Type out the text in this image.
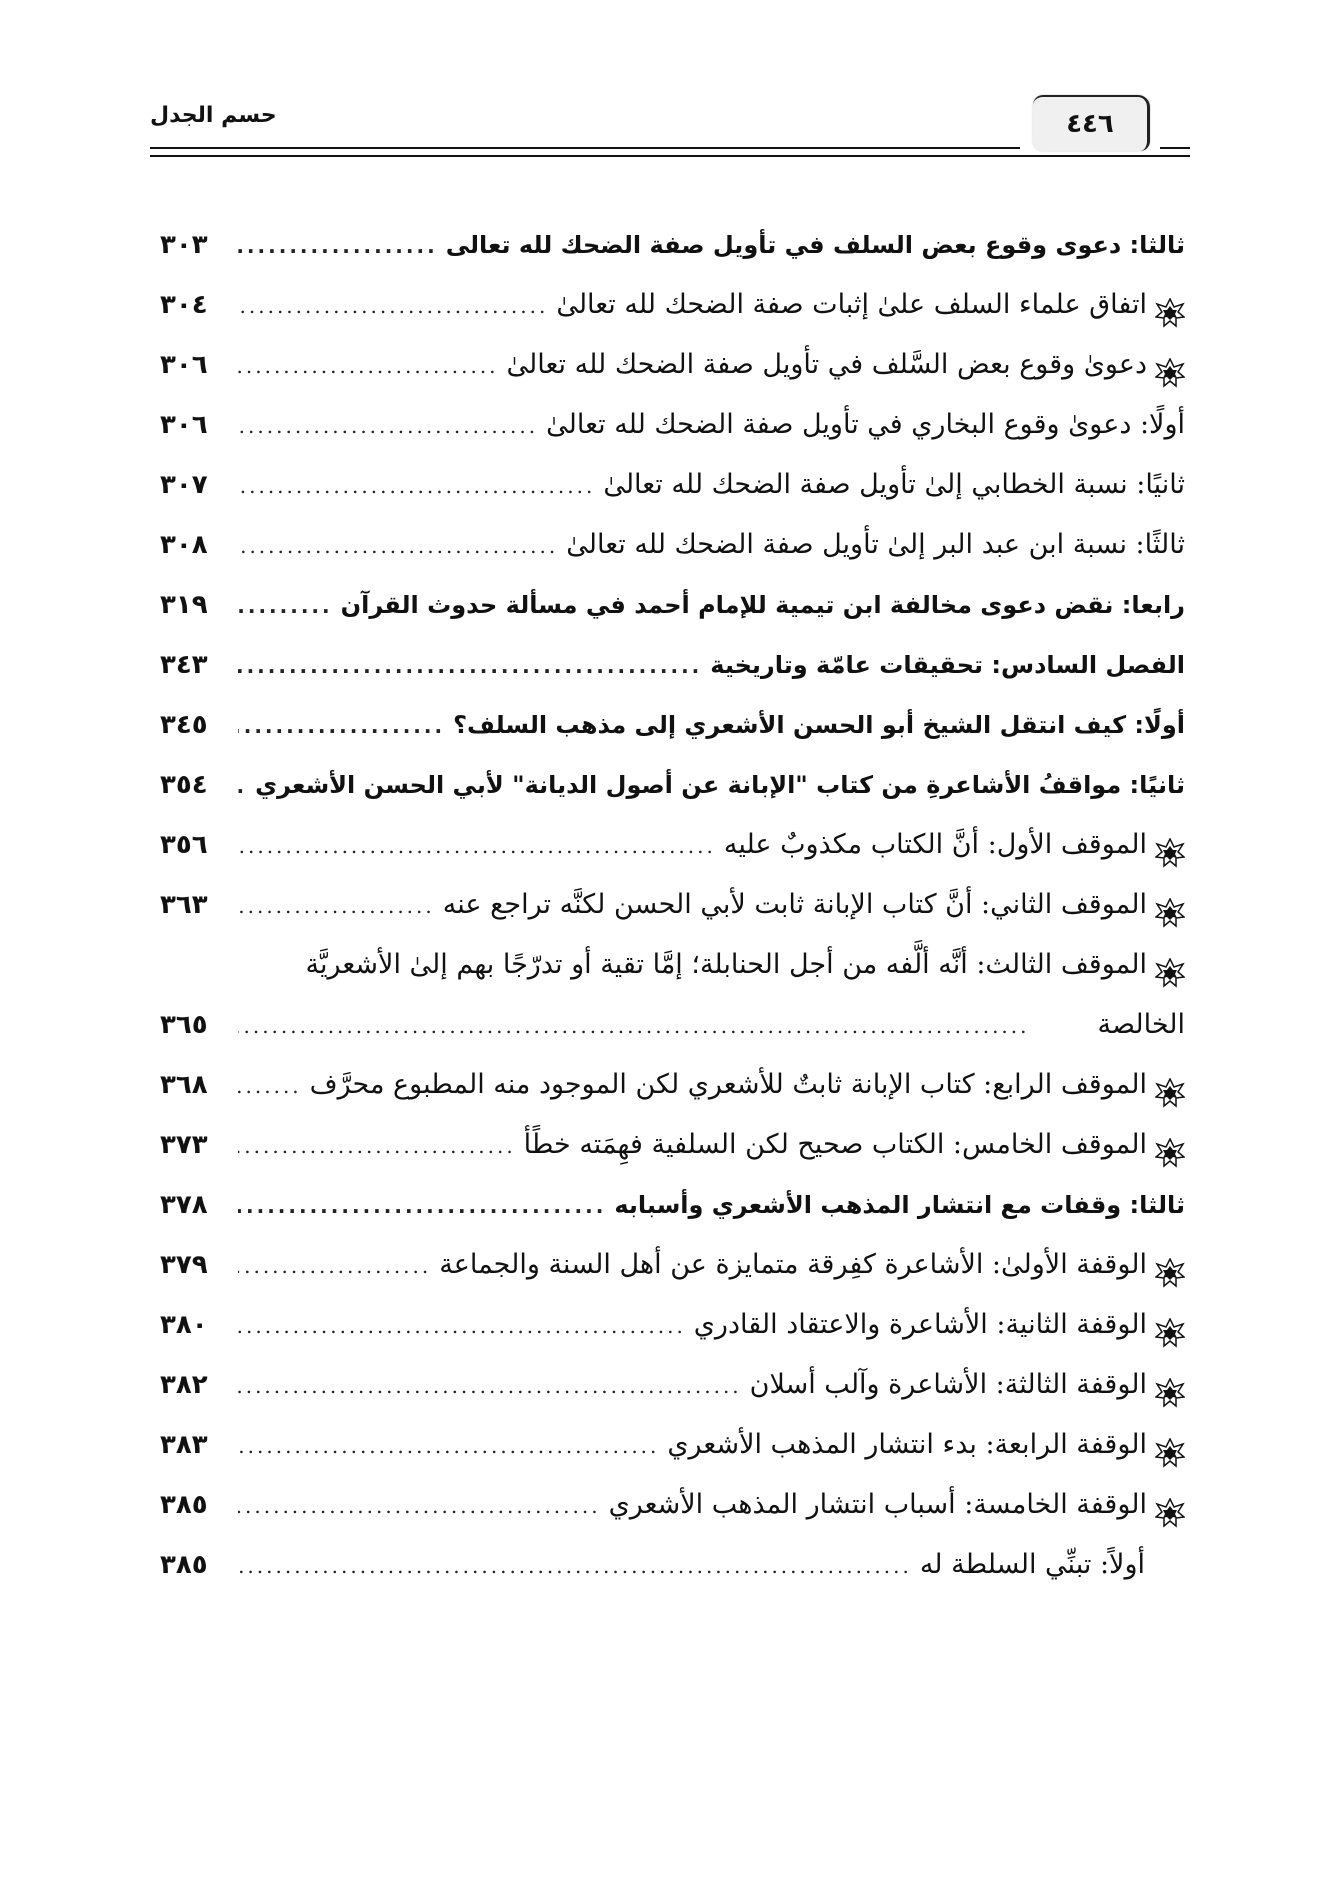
حسم الجدل	٤٤٦
ثالثا: دعوى وقوع بعض السلف في تأويل صفة الضحك لله تعالى
.....
٣٠٣
اتفاق علماء السلف علىٰ إثبات صفة الضحك لله تعالىٰ
.....
٣٠٤
دعوىٰ وقوع بعض السَّلف في تأويل صفة الضحك لله تعالىٰ
.....
٣٠٦
أولًا: دعوىٰ وقوع البخاري في تأويل صفة الضحك لله تعالىٰ
.....
٣٠٦
ثانيًا: نسبة الخطابي إلىٰ تأويل صفة الضحك لله تعالىٰ
.....
٣٠٧
ثالثًا: نسبة ابن عبد البر إلىٰ تأويل صفة الضحك لله تعالىٰ
.....
٣٠٨
رابعا: نقض دعوى مخالفة ابن تيمية للإمام أحمد في مسألة حدوث القرآن
.....
٣١٩
الفصل السادس: تحقيقات عامّة وتاريخية
.....
٣٤٣
أولًا: كيف انتقل الشيخ أبو الحسن الأشعري إلى مذهب السلف؟
.....
٣٤٥
ثانيًا: مواقفُ الأشاعرةِ من كتاب "الإبانة عن أصول الديانة" لأبي الحسن الأشعري
.....
٣٥٤
الموقف الأول: أنَّ الكتاب مكذوبٌ عليه
.....
٣٥٦
الموقف الثاني: أنَّ كتاب الإبانة ثابت لأبي الحسن لكنَّه تراجع عنه
.....
٣٦٣
الموقف الثالث: أنَّه ألَّفه من أجل الحنابلة؛ إمَّا تقية أو تدرّجًا بهم إلىٰ الأشعريَّة
الخالصة
.....
٣٦٥
الموقف الرابع: كتاب الإبانة ثابتٌ للأشعري لكن الموجود منه المطبوع محرَّف
.....
٣٦٨
الموقف الخامس: الكتاب صحيح لكن السلفية فهِمَته خطًأ
.....
٣٧٣
ثالثا: وقفات مع انتشار المذهب الأشعري وأسبابه
.....
٣٧٨
الوقفة الأولىٰ: الأشاعرة كفِرقة متمايزة عن أهل السنة والجماعة
.....
٣٧٩
الوقفة الثانية: الأشاعرة والاعتقاد القادري
.....
٣٨٠
الوقفة الثالثة: الأشاعرة وآلب أسلان
.....
٣٨٢
الوقفة الرابعة: بدء انتشار المذهب الأشعري
.....
٣٨٣
الوقفة الخامسة: أسباب انتشار المذهب الأشعري
.....
٣٨٥
أولاً: تبنِّي السلطة له
.....
٣٨٥
